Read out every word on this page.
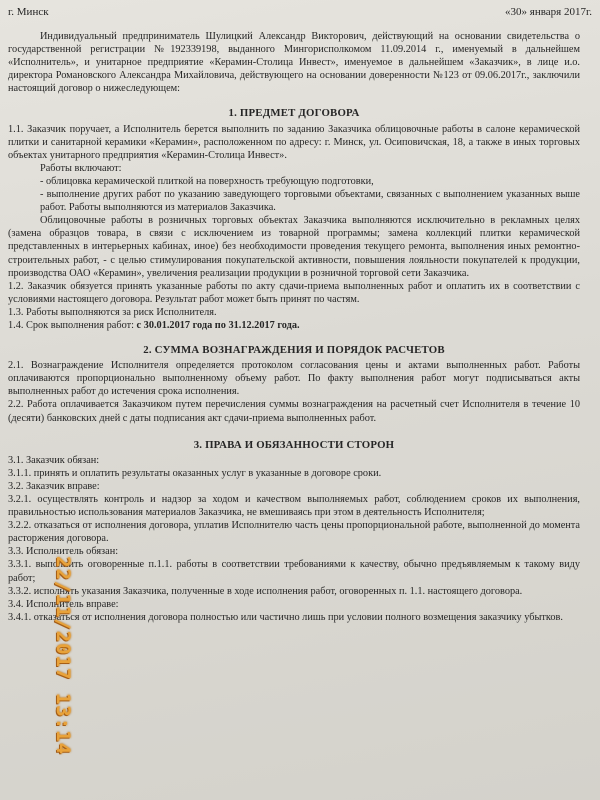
г. Минск	«30» января 2017г.

Индивидуальный предприниматель Шулицкий Александр Викторович, действующий на основании свидетельства о государственной регистрации №192339198, выданного Мингорисполкомом 11.09.2014 г., именуемый в дальнейшем «Исполнитель», и унитарное предприятие «Керамин-Столица Инвест», именуемое в дальнейшем «Заказчик», в лице и.о. директора Романовского Александра Михайловича, действующего на основании доверенности №123 от 09.06.2017г., заключили настоящий договор о нижеследующем:

1. ПРЕДМЕТ ДОГОВОРА

1.1. Заказчик поручает, а Исполнитель берется выполнить по заданию Заказчика облицовочные работы в салоне керамической плитки и санитарной керамики «Керамин», расположенном по адресу: г. Минск, ул. Осиповичская, 18, а также в иных торговых объектах унитарного предприятия «Керамин-Столица Инвест».

Работы включают:

- облицовка керамической плиткой на поверхность требующую подготовки,

- выполнение других работ по указанию заведующего торговыми объектами, связанных с выполнением указанных выше работ. Работы выполняются из материалов Заказчика.

Облицовочные работы в розничных торговых объектах Заказчика выполняются исключительно в рекламных целях (замена образцов товара, в связи с исключением из товарной программы; замена коллекций плитки керамической представленных в интерьерных кабинах, иное) без необходимости проведения текущего ремонта, выполнения иных ремонтно-строительных работ, - с целью стимулирования покупательской активности, повышения лояльности покупателей к продукции, производства ОАО «Керамин», увеличения реализации продукции в розничной торговой сети Заказчика.

1.2. Заказчик обязуется принять указанные работы по акту сдачи-приема выполненных работ и оплатить их в соответствии с условиями настоящего договора. Результат работ может быть принят по частям.

1.3. Работы выполняются за риск Исполнителя.

1.4. Срок выполнения работ: с 30.01.2017 года по 31.12.2017 года.

2. СУММА ВОЗНАГРАЖДЕНИЯ И ПОРЯДОК РАСЧЕТОВ

2.1. Вознаграждение Исполнителя определяется протоколом согласования цены и актами выполненных работ. Работы оплачиваются пропорционально выполненному объему работ. По факту выполнения работ могут подписываться акты выполненных работ до истечения срока исполнения.

2.2. Работа оплачивается Заказчиком путем перечисления суммы вознаграждения на расчетный счет Исполнителя в течение 10 (десяти) банковских дней с даты подписания акт сдачи-приема выполненных работ.

3. ПРАВА И ОБЯЗАННОСТИ СТОРОН

3.1. Заказчик обязан:

3.1.1. принять и оплатить результаты оказанных услуг в указанные в договоре сроки.

3.2. Заказчик вправе:

3.2.1. осуществлять контроль и надзор за ходом и качеством выполняемых работ, соблюдением сроков их выполнения, правильностью использования материалов Заказчика, не вмешиваясь при этом в деятельность Исполнителя;

3.2.2. отказаться от исполнения договора, уплатив Исполнителю часть цены пропорциональной работе, выполненной до момента расторжения договора.

3.3. Исполнитель обязан:

3.3.1. выполнить оговоренные п.1.1. работы в соответствии требованиями к качеству, обычно предъявляемым к такому виду работ;

3.3.2. исполнять указания Заказчика, полученные в ходе исполнения работ, оговоренных п. 1.1. настоящего договора.

3.4. Исполнитель вправе:

3.4.1. отказаться от исполнения договора полностью или частично лишь при условии полного возмещения заказчику убытков.

22/11/2017 13:14
